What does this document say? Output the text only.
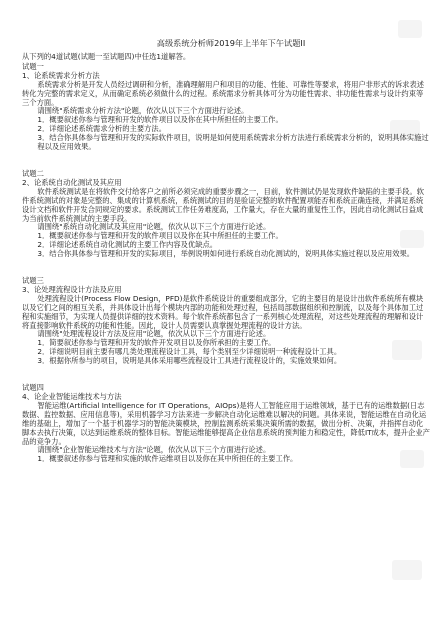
高级系统分析师2019年上半年下午试题II
从下列的4道试题(试题一至试题四)中任选1道解答。
试题一
1、论系统需求分析方法
系统需求分析是开发人员经过调研和分析，准确理解用户和项目的功能、性能、可靠性等要求，将用户非形式的诉求表述转化为完整的需求定义，从而确定系统必须做什么的过程。系统需求分析具体可分为功能性需求、非功能性需求与设计约束等三个方面。
请围绕"系统需求分析方法"论题，依次从以下三个方面进行论述。
1．概要叙述你参与管理和开发的软件项目以及你在其中所担任的主要工作。
2．详细论述系统需求分析的主要方法。
3．结合你具体参与管理和开发的实际软件项目，说明是如何使用系统需求分析方法进行系统需求分析的，说明具体实施过程以及应用效果。
试题二
2、论系统自动化测试及其应用
软件系统测试是在将软件交付给客户之前所必须完成的重要步骤之一，目前，软件测试仍是发现软件缺陷的主要手段。软件系统测试的对象是完整的、集成的计算机系统，系统测试的目的是验证完整的软件配置项能否和系统正确连接，并满足系统设计文档和软件开发合同规定的要求。系统测试工作任务难度高，工作量大，存在大量的重复性工作，因此自动化测试日益成为当前软件系统测试的主要手段。
请围绕"系统自动化测试及其应用"论题，依次从以下三个方面进行论述。
1．概要叙述你参与管理和开发的软件项目以及你在其中所担任的主要工作。
2．详细论述系统自动化测试的主要工作内容及优缺点。
3．结合你具体参与管理和开发的实际项目，举例说明如何进行系统自动化测试的，说明具体实施过程以及应用效果。
试题三
3、论处理流程设计方法及应用
处理流程设计(Process Flow Design，PFD)是软件系统设计的重要组成部分，它的主要目的是设计出软件系统所有模块以及它们之间的相互关系，并具体设计出每个模块内部的功能和处理过程，包括局部数据组织和控制流，以及每个具体加工过程和实施细节，为实现人员提供详细的技术资料。每个软件系统都包含了一系列核心处理流程，对这些处理流程的理解和设计将直接影响软件系统的功能和性能。因此，设计人员需要认真掌握处理流程的设计方法。
请围绕"处理流程设计方法及应用"论题，依次从以下三个方面进行论述。
1．简要叙述你参与管理和开发的软件开发项目以及你所承担的主要工作。
2．详细说明目前主要有哪几类处理流程设计工具，每个类别至少详细说明一种流程设计工具。
3．根据你所参与的项目，说明是具体采用哪些流程设计工具进行流程设计的，实施效果如何。
试题四
4、论企业智能运维技术与方法
智能运维(Artificial Intelligence for IT Operations，AIOps)是将人工智能应用于运维领域，基于已有的运维数据(日志数据、监控数据、应用信息等)，采用机器学习方法来进一步解决自动化运维难以解决的问题。具体来说，智能运维在自动化运维的基础上，增加了一个基于机器学习的智能决策模块，控制监测系统采集决策所需的数据，做出分析、决策，并指挥自动化脚本去执行决策，以达到运维系统的整体目标。智能运维能够提高企业信息系统的预判能力和稳定性，降低IT成本，提升企业产品的竞争力。
请围绕"企业智能运维技术与方法"论题，依次从以下三个方面进行论述。
1．概要叙述你参与管理和实施的软件运维项目以及你在其中所担任的主要工作。
